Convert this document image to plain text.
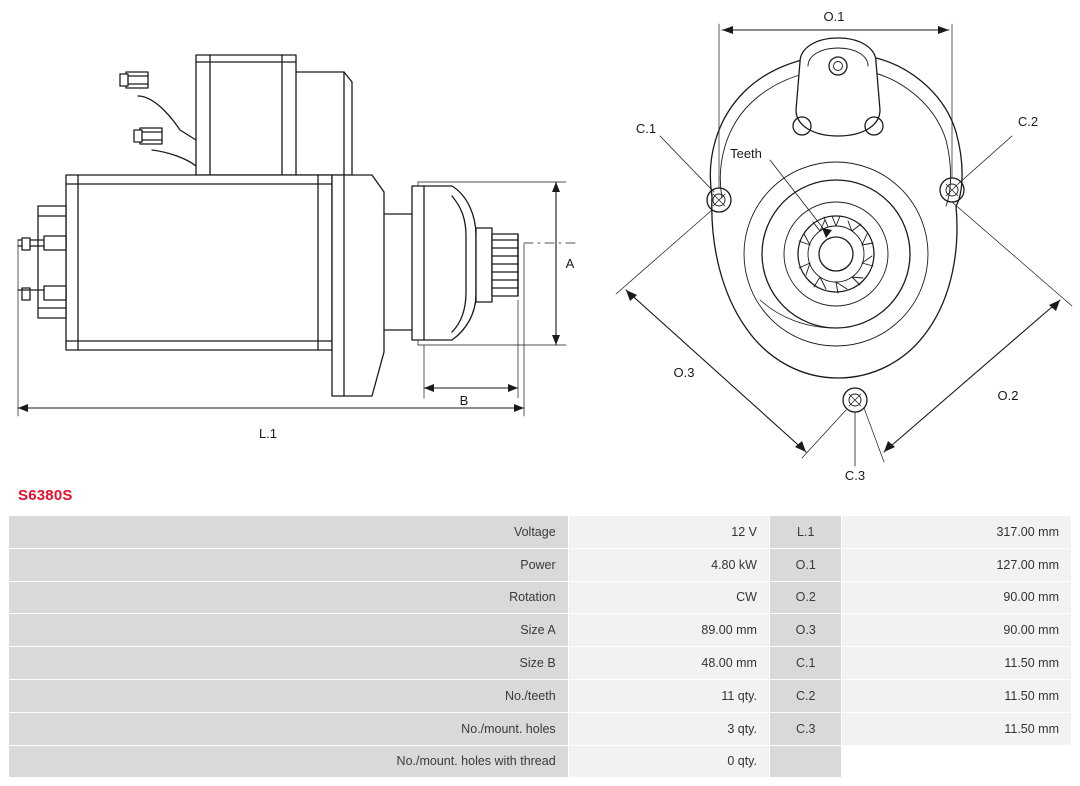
A
B
L.1
O.1
O.2
O.3
C.1	C.2
C.3
Teeth
S6380S
Voltage	12 V	L.1	317.00 mm
Power	4.80 kW	O.1	127.00 mm
Rotation	CW	O.2	90.00 mm
Size A	89.00 mm	O.3	90.00 mm
Size B	48.00 mm	C.1	11.50 mm
No./teeth	11 qty.	C.2	11.50 mm
No./mount. holes	3 qty.	C.3	11.50 mm
No./mount. holes with thread	0 qty.		
